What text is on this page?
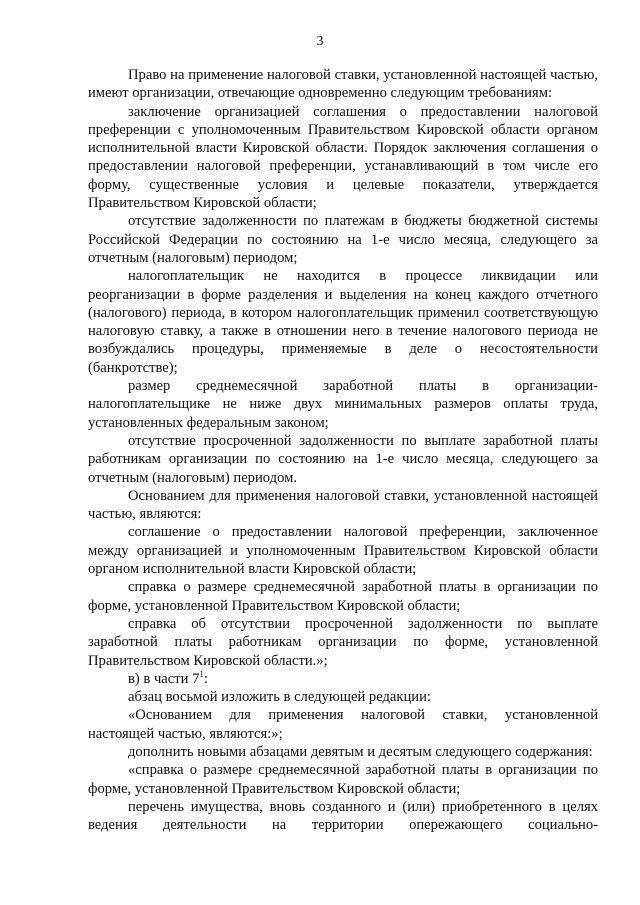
3

Право на применение налоговой ставки, установленной настоящей частью, имеют организации, отвечающие одновременно следующим требованиям:

заключение организацией соглашения о предоставлении налоговой преференции с уполномоченным Правительством Кировской области органом исполнительной власти Кировской области. Порядок заключения соглашения о предоставлении налоговой преференции, устанавливающий в том числе его форму, существенные условия и целевые показатели, утверждается Правительством Кировской области;

отсутствие задолженности по платежам в бюджеты бюджетной системы Российской Федерации по состоянию на 1-е число месяца, следующего за отчетным (налоговым) периодом;

налогоплательщик не находится в процессе ликвидации или реорганизации в форме разделения и выделения на конец каждого отчетного (налогового) периода, в котором налогоплательщик применил соответствующую налоговую ставку, а также в отношении него в течение налогового периода не возбуждались процедуры, применяемые в деле о несостоятельности (банкротстве);

размер среднемесячной заработной платы в организации-налогоплательщике не ниже двух минимальных размеров оплаты труда, установленных федеральным законом;

отсутствие просроченной задолженности по выплате заработной платы работникам организации по состоянию на 1-е число месяца, следующего за отчетным (налоговым) периодом.

Основанием для применения налоговой ставки, установленной настоящей частью, являются:

соглашение о предоставлении налоговой преференции, заключенное между организацией и уполномоченным Правительством Кировской области органом исполнительной власти Кировской области;

справка о размере среднемесячной заработной платы в организации по форме, установленной Правительством Кировской области;

справка об отсутствии просроченной задолженности по выплате заработной платы работникам организации по форме, установленной Правительством Кировской области.»;

в) в части $7^1$:

абзац восьмой изложить в следующей редакции:

«Основанием для применения налоговой ставки, установленной настоящей частью, являются:»;

дополнить новыми абзацами девятым и десятым следующего содержания:

«справка о размере среднемесячной заработной платы в организации по форме, установленной Правительством Кировской области;

перечень имущества, вновь созданного и (или) приобретенного в целях ведения деятельности на территории опережающего социально-
